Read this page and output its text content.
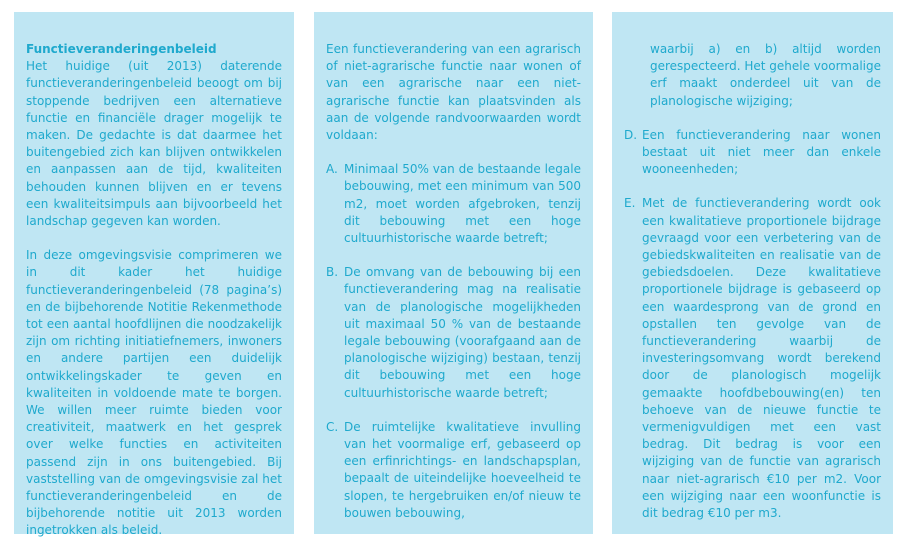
Functieveranderingenbeleid

Het huidige (uit 2013) daterende functieveranderingenbeleid beoogt om bij stoppende bedrijven een alternatieve functie en financiële drager mogelijk te maken. De gedachte is dat daarmee het buitengebied zich kan blijven ontwikkelen en aanpassen aan de tijd, kwaliteiten behouden kunnen blijven en er tevens een kwaliteitsimpuls aan bijvoorbeeld het landschap gegeven kan worden.

In deze omgevingsvisie comprimeren we in dit kader het huidige functieveranderingenbeleid (78 pagina’s) en de bijbehorende Notitie Rekenmethode tot een aantal hoofdlijnen die noodzakelijk zijn om richting initiatiefnemers, inwoners en andere partijen een duidelijk ontwikkelingskader te geven en kwaliteiten in voldoende mate te borgen. We willen meer ruimte bieden voor creativiteit, maatwerk en het gesprek over welke functies en activiteiten passend zijn in ons buitengebied. Bij vaststelling van de omgevingsvisie zal het functieveranderingenbeleid en de bijbehorende notitie uit 2013 worden ingetrokken als beleid.

Een functieverandering van een agrarisch of niet-agrarische functie naar wonen of van een agrarische naar een niet-agrarische functie kan plaatsvinden als aan de volgende randvoorwaarden wordt voldaan:

A. Minimaal 50% van de bestaande legale bebouwing, met een minimum van 500 m2, moet worden afgebroken, tenzij dit bebouwing met een hoge cultuurhistorische waarde betreft;
B. De omvang van de bebouwing bij een functieverandering mag na realisatie van de planologische mogelijkheden uit maximaal 50 % van de bestaande legale bebouwing (voorafgaand aan de planologische wijziging) bestaan, tenzij dit bebouwing met een hoge cultuurhistorische waarde betreft;
C. De ruimtelijke kwalitatieve invulling van het voormalige erf, gebaseerd op een erfinrichtings- en landschapsplan, bepaalt de uiteindelijke hoeveelheid te slopen, te hergebruiken en/of nieuw te bouwen bebouwing,

waarbij a) en b) altijd worden gerespecteerd. Het gehele voormalige erf maakt onderdeel uit van de planologische wijziging;

D. Een functieverandering naar wonen bestaat uit niet meer dan enkele wooneenheden;
E. Met de functieverandering wordt ook een kwalitatieve proportionele bijdrage gevraagd voor een verbetering van de gebiedskwaliteiten en realisatie van de gebiedsdoelen. Deze kwalitatieve proportionele bijdrage is gebaseerd op een waardesprong van de grond en opstallen ten gevolge van de functieverandering waarbij de investeringsomvang wordt berekend door de planologisch mogelijk gemaakte hoofdbebouwing(en) ten behoeve van de nieuwe functie te vermenigvuldigen met een vast bedrag. Dit bedrag is voor een wijziging van de functie van agrarisch naar niet-agrarisch €10 per m2. Voor een wijziging naar een woonfunctie is dit bedrag €10 per m3.
